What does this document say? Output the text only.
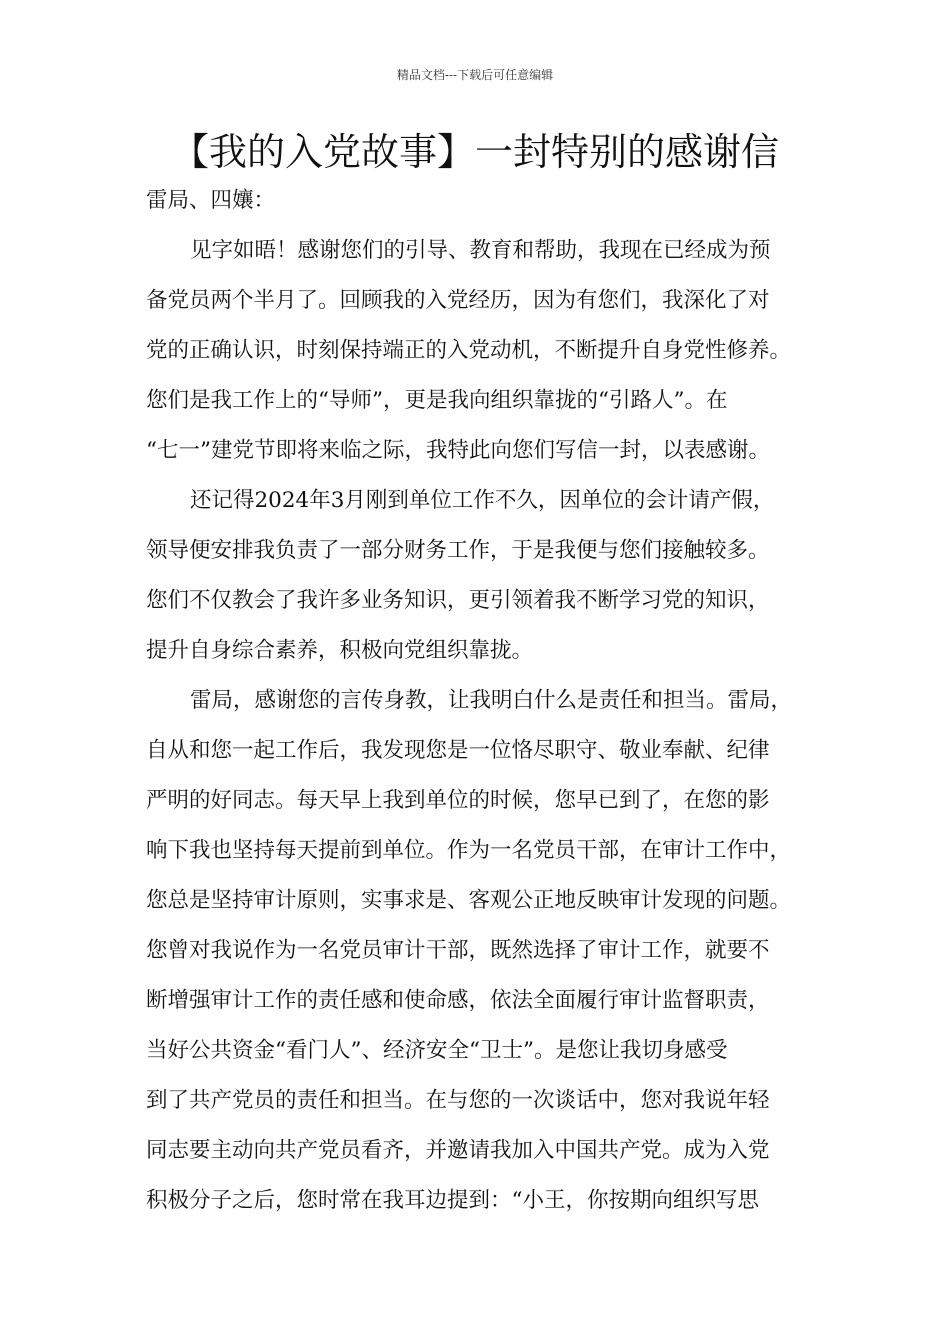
精品文档---下载后可任意编辑
【我的入党故事】一封特别的感谢信
雷局、四孃：
见字如晤！感谢您们的引导、教育和帮助，我现在已经成为预
备党员两个半月了。回顾我的入党经历，因为有您们，我深化了对
党的正确认识，时刻保持端正的入党动机，不断提升自身党性修养。
您们是我工作上的“导师”，更是我向组织靠拢的“引路人”。在
“七一”建党节即将来临之际，我特此向您们写信一封，以表感谢。
还记得2024年3月刚到单位工作不久，因单位的会计请产假，
领导便安排我负责了一部分财务工作，于是我便与您们接触较多。
您们不仅教会了我许多业务知识，更引领着我不断学习党的知识，
提升自身综合素养，积极向党组织靠拢。
雷局，感谢您的言传身教，让我明白什么是责任和担当。雷局，
自从和您一起工作后，我发现您是一位恪尽职守、敬业奉献、纪律
严明的好同志。每天早上我到单位的时候，您早已到了，在您的影
响下我也坚持每天提前到单位。作为一名党员干部，在审计工作中，
您总是坚持审计原则，实事求是、客观公正地反映审计发现的问题。
您曾对我说作为一名党员审计干部，既然选择了审计工作，就要不
断增强审计工作的责任感和使命感，依法全面履行审计监督职责，
当好公共资金“看门人”、经济安全“卫士”。是您让我切身感受
到了共产党员的责任和担当。在与您的一次谈话中，您对我说年轻
同志要主动向共产党员看齐，并邀请我加入中国共产党。成为入党
积极分子之后，您时常在我耳边提到：“小王，你按期向组织写思
